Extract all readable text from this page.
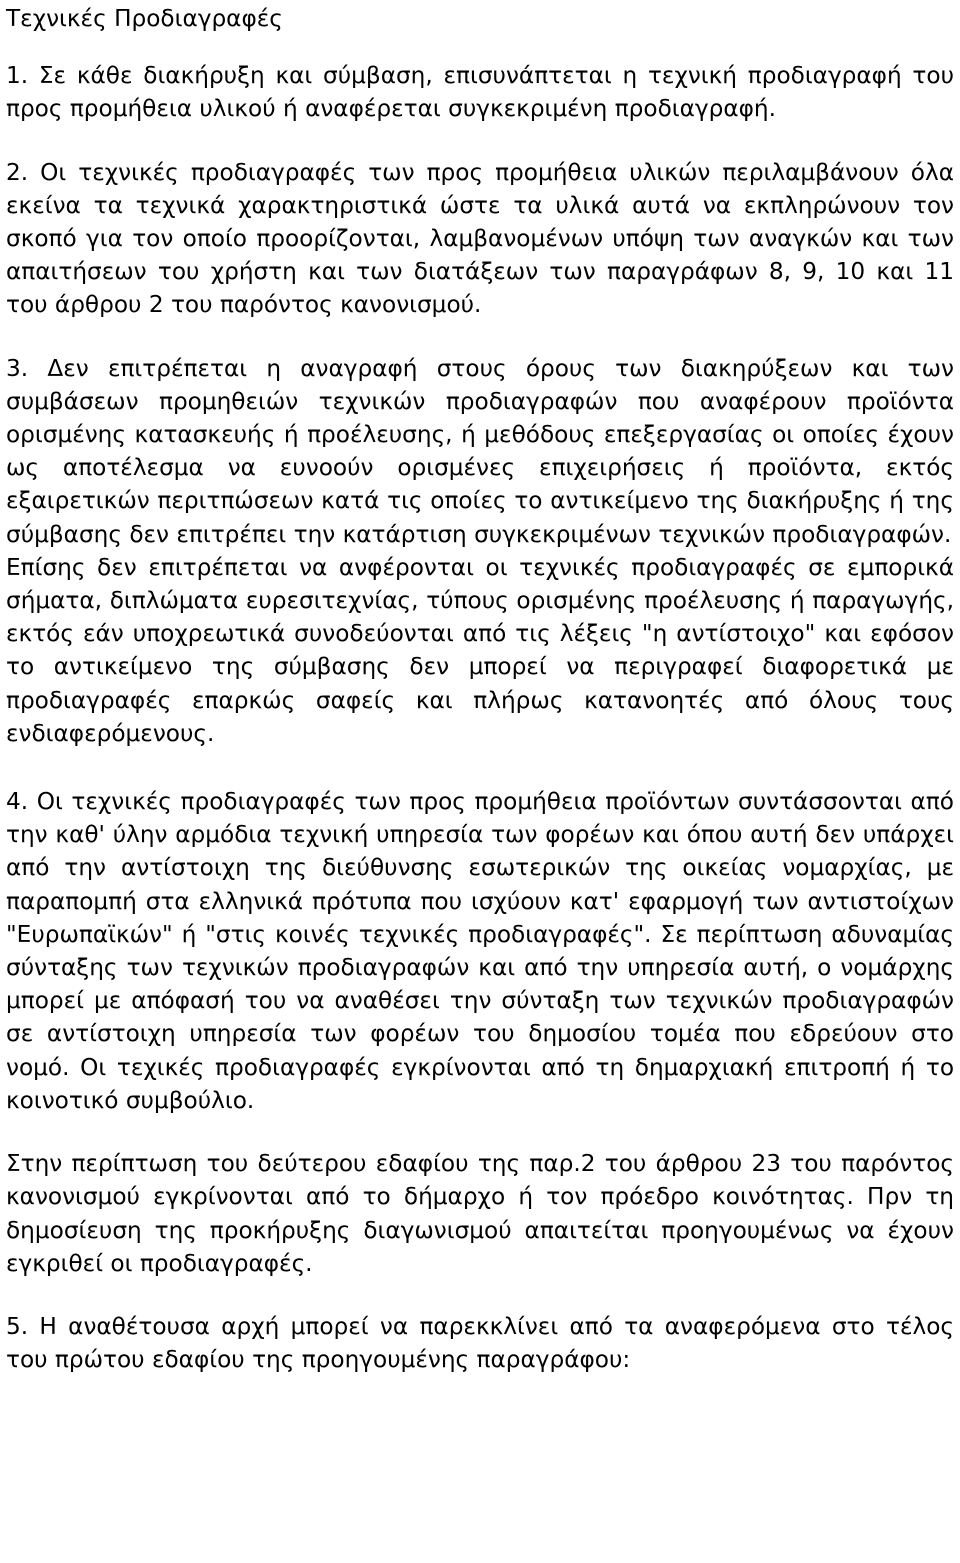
Τεχνικές Προδιαγραφές

1. Σε κάθε διακήρυξη και σύμβαση, επισυνάπτεται η τεχνική προδιαγραφή του προς προμήθεια υλικού ή αναφέρεται συγκεκριμένη προδιαγραφή.

2. Οι τεχνικές προδιαγραφές των προς προμήθεια υλικών περιλαμβάνουν όλα εκείνα τα τεχνικά χαρακτηριστικά ώστε τα υλικά αυτά να εκπληρώνουν τον σκοπό για τον οποίο προορίζονται, λαμβανομένων υπόψη των αναγκών και των απαιτήσεων του χρήστη και των διατάξεων των παραγράφων 8, 9, 10 και 11 του άρθρου 2 του παρόντος κανονισμού.

3. Δεν επιτρέπεται η αναγραφή στους όρους των διακηρύξεων και των συμβάσεων προμηθειών τεχνικών προδιαγραφών που αναφέρουν προϊόντα ορισμένης κατασκευής ή προέλευσης, ή μεθόδους επεξεργασίας οι οποίες έχουν ως αποτέλεσμα να ευνοούν ορισμένες επιχειρήσεις ή προϊόντα, εκτός εξαιρετικών περιτπώσεων κατά τις οποίες το αντικείμενο της διακήρυξης ή της σύμβασης δεν επιτρέπει την κατάρτιση συγκεκριμένων τεχνικών προδιαγραφών.

Επίσης δεν επιτρέπεται να ανφέρονται οι τεχνικές προδιαγραφές σε εμπορικά σήματα, διπλώματα ευρεσιτεχνίας, τύπους ορισμένης προέλευσης ή παραγωγής, εκτός εάν υποχρεωτικά συνοδεύονται από τις λέξεις "η αντίστοιχο" και εφόσον το αντικείμενο της σύμβασης δεν μπορεί να περιγραφεί διαφορετικά με προδιαγραφές επαρκώς σαφείς και πλήρως κατανοητές από όλους τους ενδιαφερόμενους.

4. Οι τεχνικές προδιαγραφές των προς προμήθεια προϊόντων συντάσσονται από την καθ' ύλην αρμόδια τεχνική υπηρεσία των φορέων και όπου αυτή δεν υπάρχει από την αντίστοιχη της διεύθυνσης εσωτερικών της οικείας νομαρχίας, με παραπομπή στα ελληνικά πρότυπα που ισχύουν κατ' εφαρμογή των αντιστοίχων "Ευρωπαϊκών" ή "στις κοινές τεχνικές προδιαγραφές". Σε περίπτωση αδυναμίας σύνταξης των τεχνικών προδιαγραφών και από την υπηρεσία αυτή, ο νομάρχης μπορεί με απόφασή του να αναθέσει την σύνταξη των τεχνικών προδιαγραφών σε αντίστοιχη υπηρεσία των φορέων του δημοσίου τομέα που εδρεύουν στο νομό. Οι τεχικές προδιαγραφές εγκρίνονται από τη δημαρχιακή επιτροπή ή το κοινοτικό συμβούλιο.

Στην περίπτωση του δεύτερου εδαφίου της παρ.2 του άρθρου 23 του παρόντος κανονισμού εγκρίνονται από το δήμαρχο ή τον πρόεδρο κοινότητας. Πρν τη δημοσίευση της προκήρυξης διαγωνισμού απαιτείται προηγουμένως να έχουν εγκριθεί οι προδιαγραφές.

5. Η αναθέτουσα αρχή μπορεί να παρεκκλίνει από τα αναφερόμενα στο τέλος του πρώτου εδαφίου της προηγουμένης παραγράφου:
